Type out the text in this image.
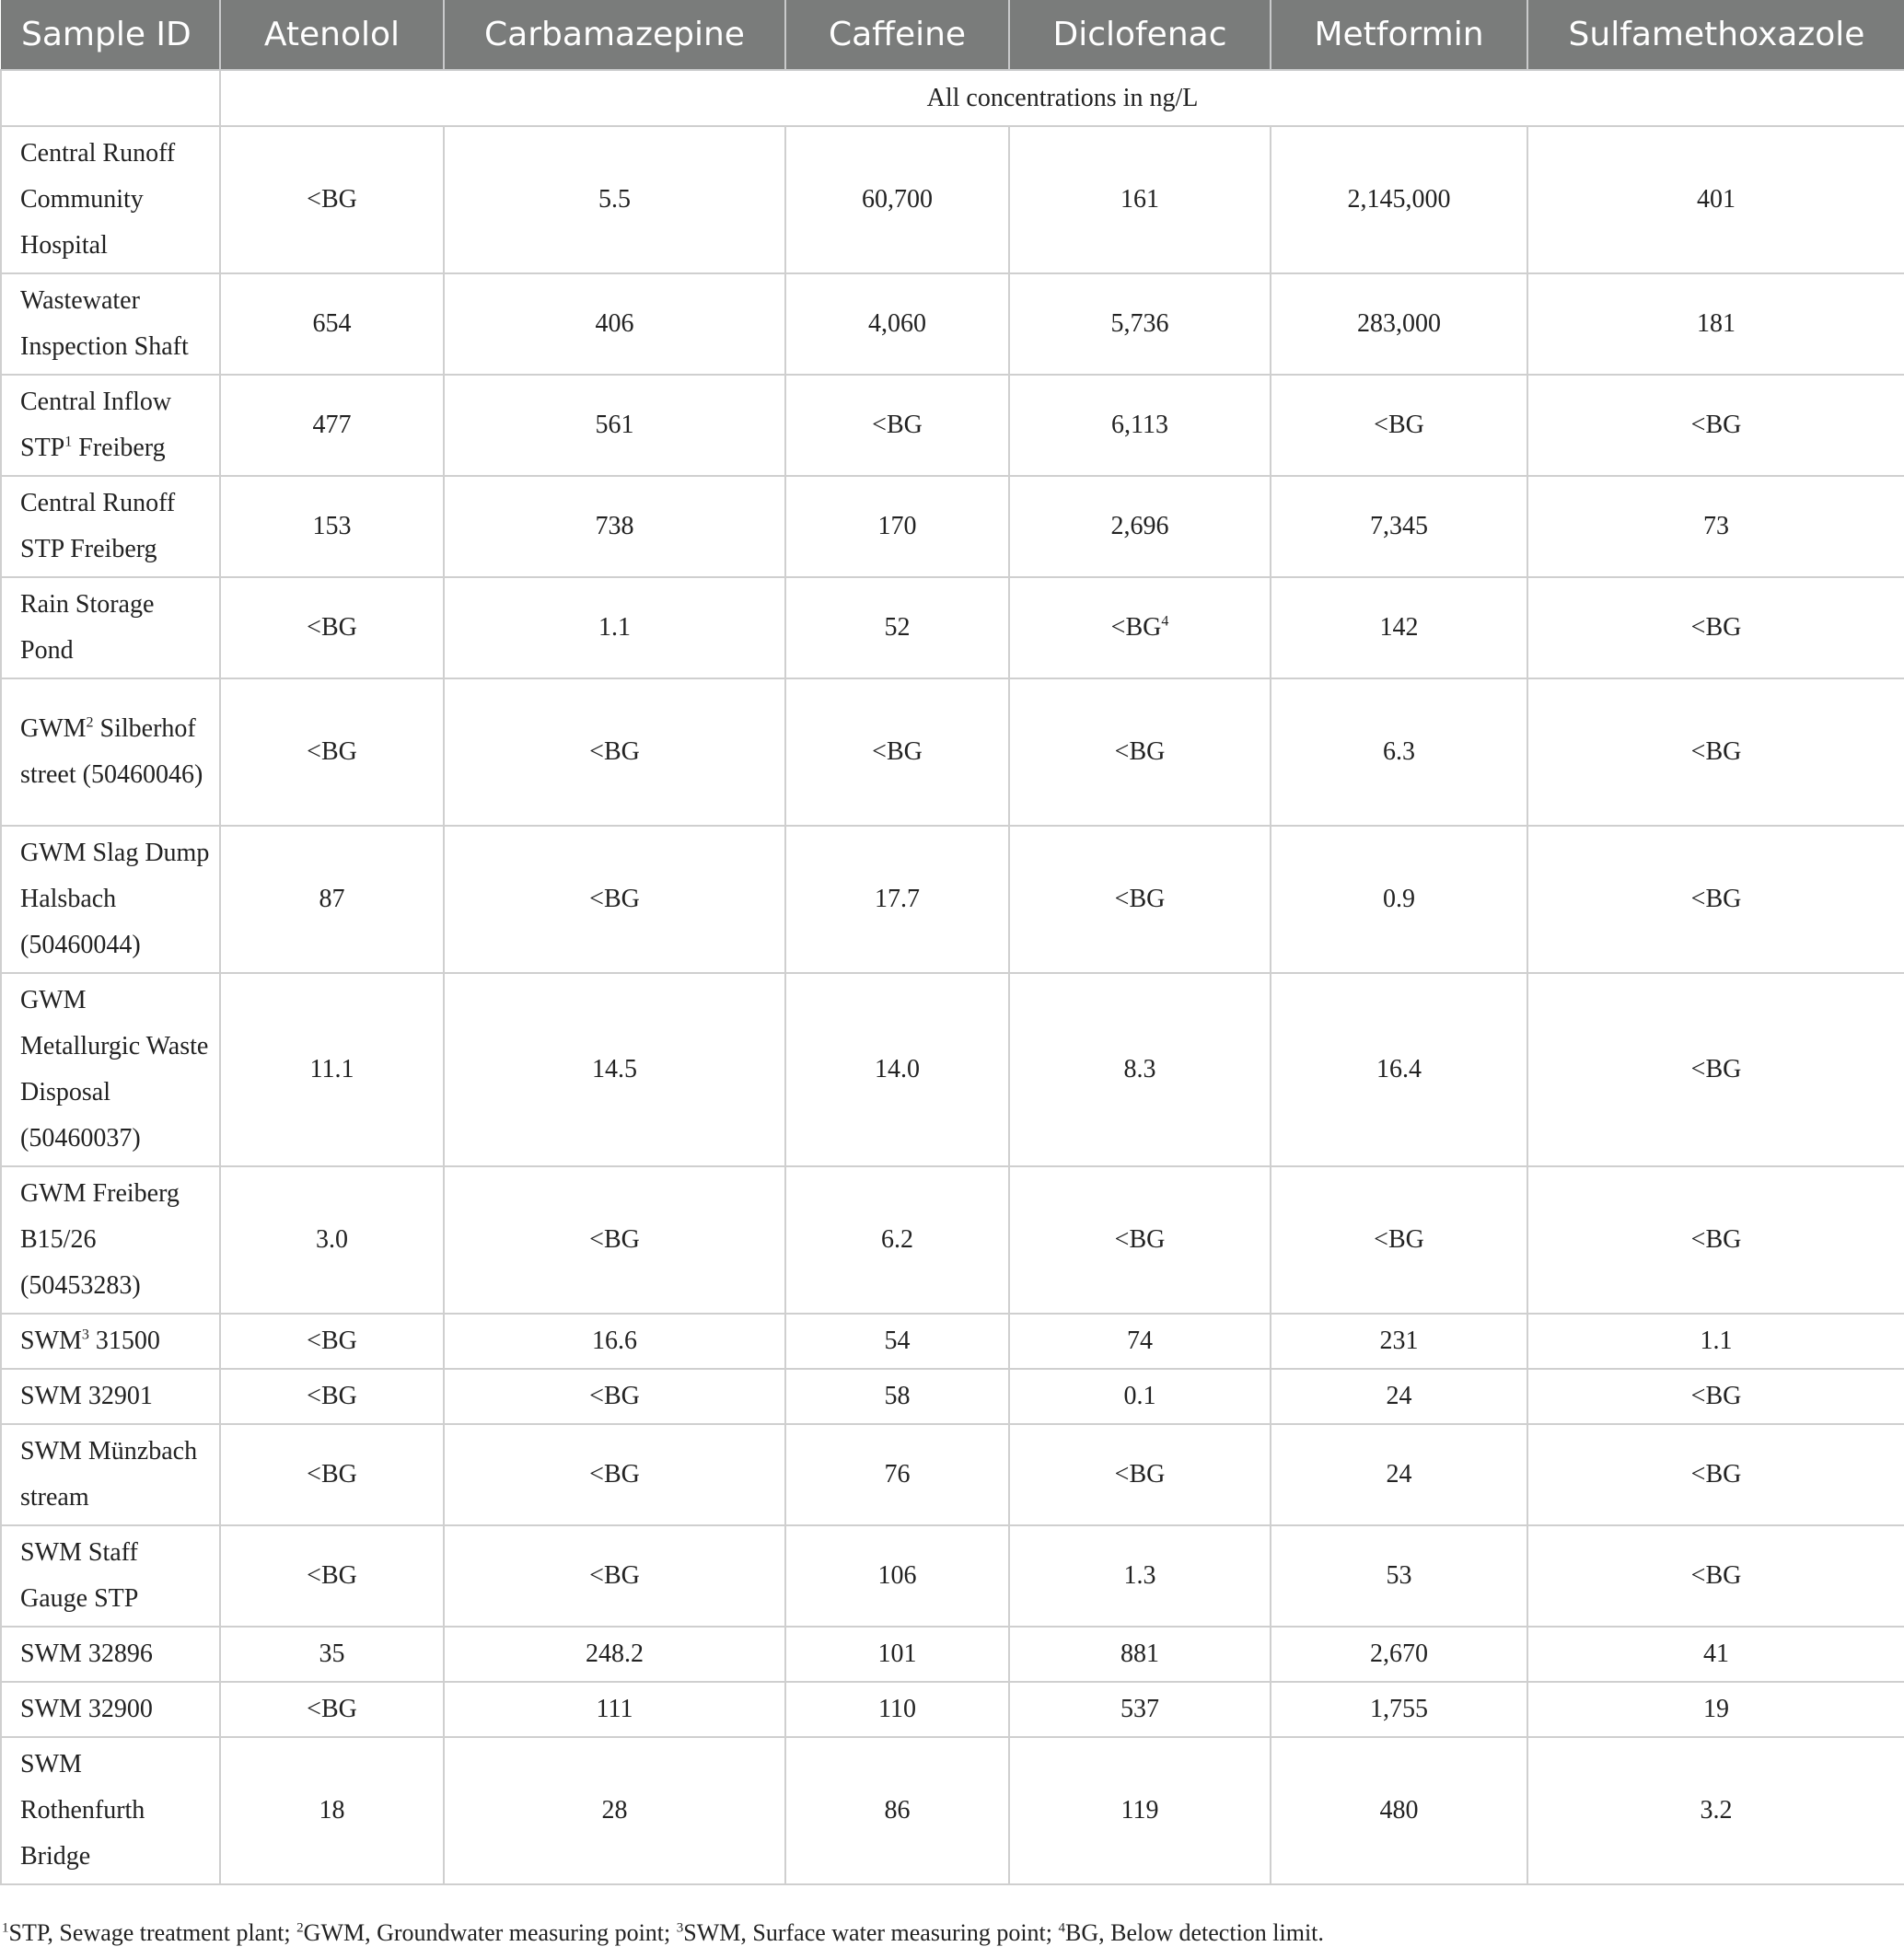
Sample ID	Atenolol	Carbamazepine	Caffeine	Diclofenac	Metformin	Sulfamethoxazole
	All concentrations in ng/L					
Central Runoff Community Hospital	<BG	5.5	60,700	161	2,145,000	401
Wastewater Inspection Shaft	654	406	4,060	5,736	283,000	181
Central Inflow STP$^1$ Freiberg	477	561	<BG	6,113	<BG	<BG
Central Runoff STP Freiberg	153	738	170	2,696	7,345	73
Rain Storage Pond	<BG	1.1	52	$<BG^4$	142	<BG
GWM$^2$ Silberhof street (50460046)	<BG	<BG	<BG	<BG	6.3	<BG
GWM Slag Dump Halsbach (50460044)	87	<BG	17.7	<BG	0.9	<BG
GWM Metallurgic Waste Disposal (50460037)	11.1	14.5	14.0	8.3	16.4	<BG
GWM Freiberg B15/26 (50453283)	3.0	<BG	6.2	<BG	<BG	<BG
SWM$^3$ 31500	<BG	16.6	54	74	231	1.1
SWM 32901	<BG	<BG	58	0.1	24	<BG
SWM Münzbach stream	<BG	<BG	76	<BG	24	<BG
SWM Staff Gauge STP	<BG	<BG	106	1.3	53	<BG
SWM 32896	35	248.2	101	881	2,670	41
SWM 32900	<BG	111	110	537	1,755	19
SWM Rothenfurth Bridge	18	28	86	119	480	3.2
$^1$STP, Sewage treatment plant; $^2$GWM, Groundwater measuring point; $^3$SWM, Surface water measuring point; $^4$BG, Below detection limit.
